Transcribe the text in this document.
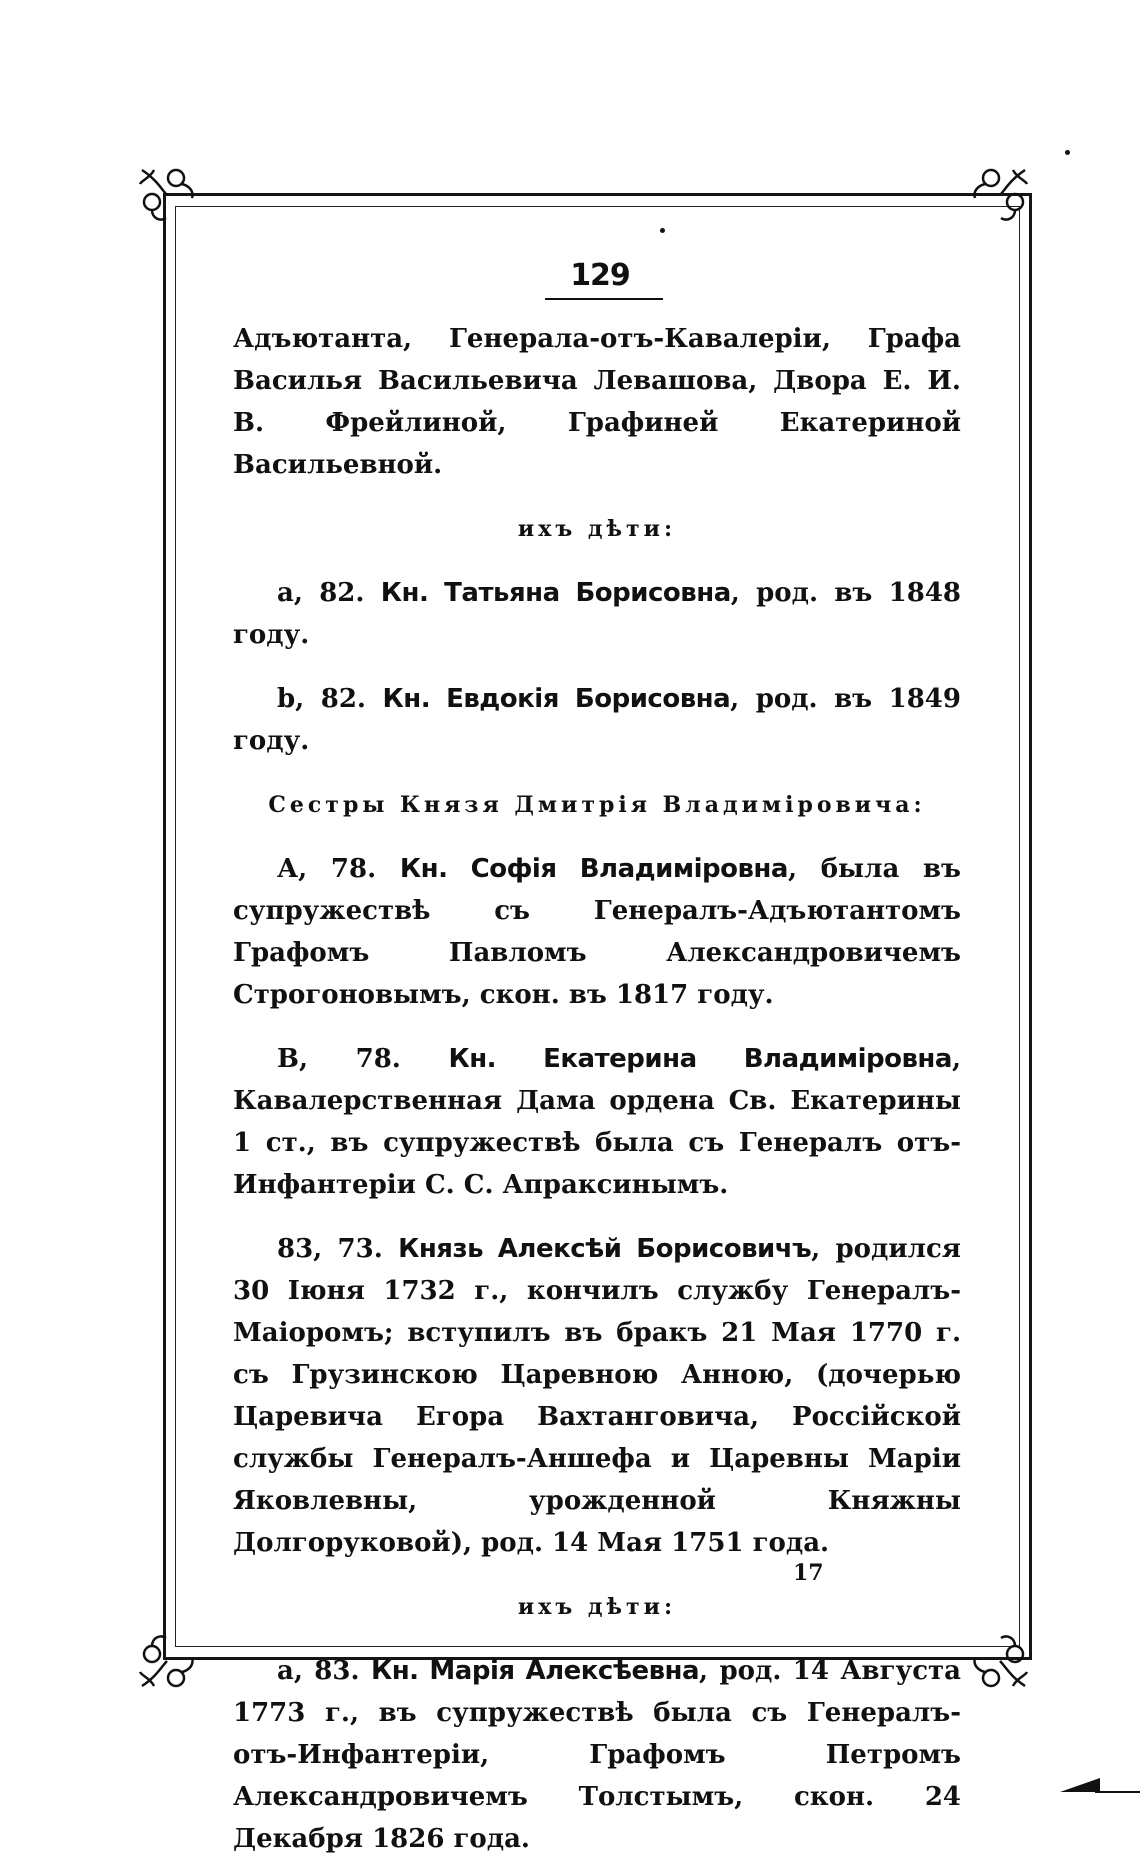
129

Адъютанта, Генерала-отъ-Кавалеріи, Графа Василья Васильевича Левашова, Двора Е. И. В. Фрейлиной, Графиней Екатериной Васильевной.

ихъ дѣти:

a, 82. Кн. Татьяна Борисовна, род. въ 1848 году.

b, 82. Кн. Евдокія Борисовна, род. въ 1849 году.

Сестры Князя Дмитрія Владиміровича:

А, 78. Кн. Софія Владиміровна, была въ супружествѣ съ Генералъ-Адъютантомъ Графомъ Павломъ Александровичемъ Строгоновымъ, скон. въ 1817 году.

В, 78. Кн. Екатерина Владиміровна, Кавалерственная Дама ордена Св. Екатерины 1 ст., въ супружествѣ была съ Генералъ отъ-Инфантеріи С. С. Апраксинымъ.

83, 73. Князь Алексѣй Борисовичъ, родился 30 Іюня 1732 г., кончилъ службу Генералъ-Маіоромъ; вступилъ въ бракъ 21 Мая 1770 г. съ Грузинскою Царевною Анною, (дочерью Царевича Егора Вахтанговича, Россійской службы Генералъ-Аншефа и Царевны Маріи Яковлевны, урожденной Княжны Долгоруковой), род. 14 Мая 1751 года.

ихъ дѣти:

a, 83. Кн. Марія Алексѣевна, род. 14 Августа 1773 г., въ супружествѣ была съ Генералъ-отъ-Инфантеріи, Графомъ Петромъ Александровичемъ Толстымъ, скон. 24 Декабря 1826 года.

17
